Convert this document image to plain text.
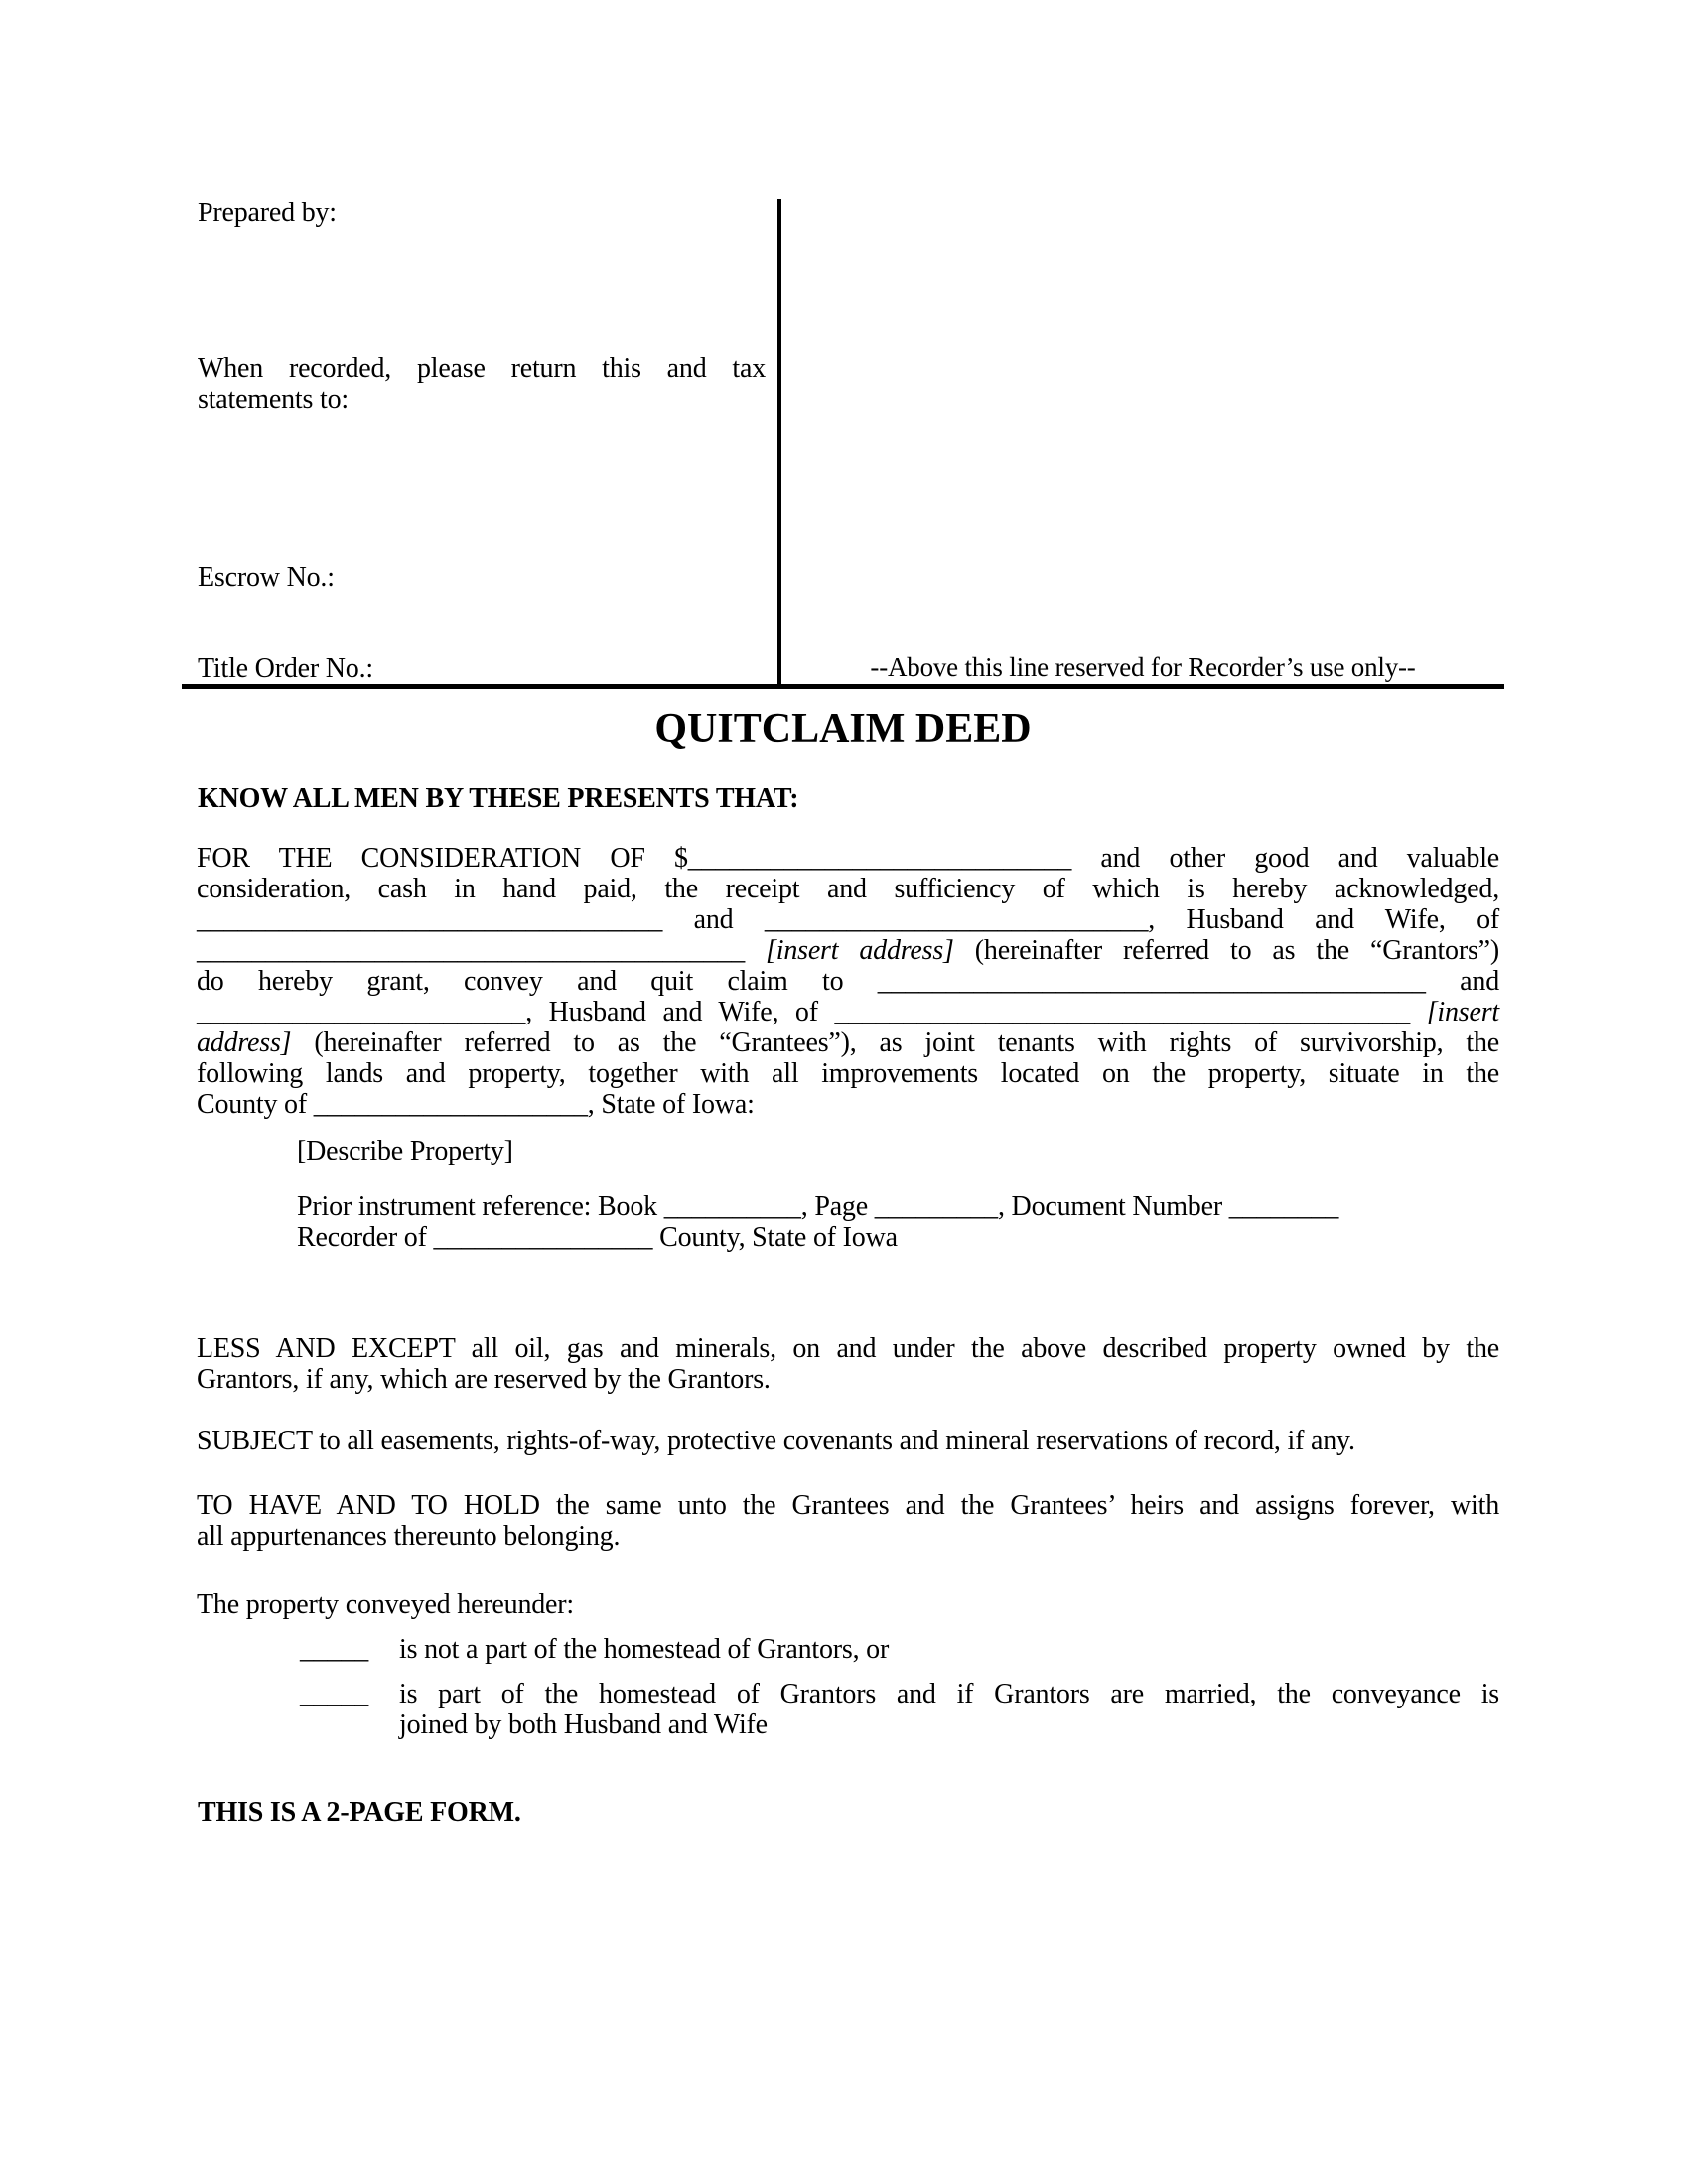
Prepared by:
When recorded, please return this and tax
statements to:
Escrow No.:
Title Order No.:	--Above this line reserved for Recorder’s use only--
QUITCLAIM DEED
KNOW ALL MEN BY THESE PRESENTS THAT:
FOR THE CONSIDERATION OF $____________________________ and other good and valuable
consideration, cash in hand paid, the receipt and sufficiency of which is hereby acknowledged,
__________________________________ and ____________________________, Husband and Wife, of
________________________________________ [insert address] (hereinafter referred to as the “Grantors”)
do hereby grant, convey and quit claim to ________________________________________ and
________________________, Husband and Wife, of __________________________________________ [insert
address] (hereinafter referred to as the “Grantees”), as joint tenants with rights of survivorship, the
following lands and property, together with all improvements located on the property, situate in the
County of ____________________, State of Iowa:
[Describe Property]
Prior instrument reference: Book __________, Page _________, Document Number ________
Recorder of ________________ County, State of Iowa
LESS AND EXCEPT all oil, gas and minerals, on and under the above described property owned by the
Grantors, if any, which are reserved by the Grantors.
SUBJECT to all easements, rights-of-way, protective covenants and mineral reservations of record, if any.
TO HAVE AND TO HOLD the same unto the Grantees and the Grantees’ heirs and assigns forever, with
all appurtenances thereunto belonging.
The property conveyed hereunder:
_____ is not a part of the homestead of Grantors, or
_____ is part of the homestead of Grantors and if Grantors are married, the conveyance is
joined by both Husband and Wife
THIS IS A 2-PAGE FORM.
